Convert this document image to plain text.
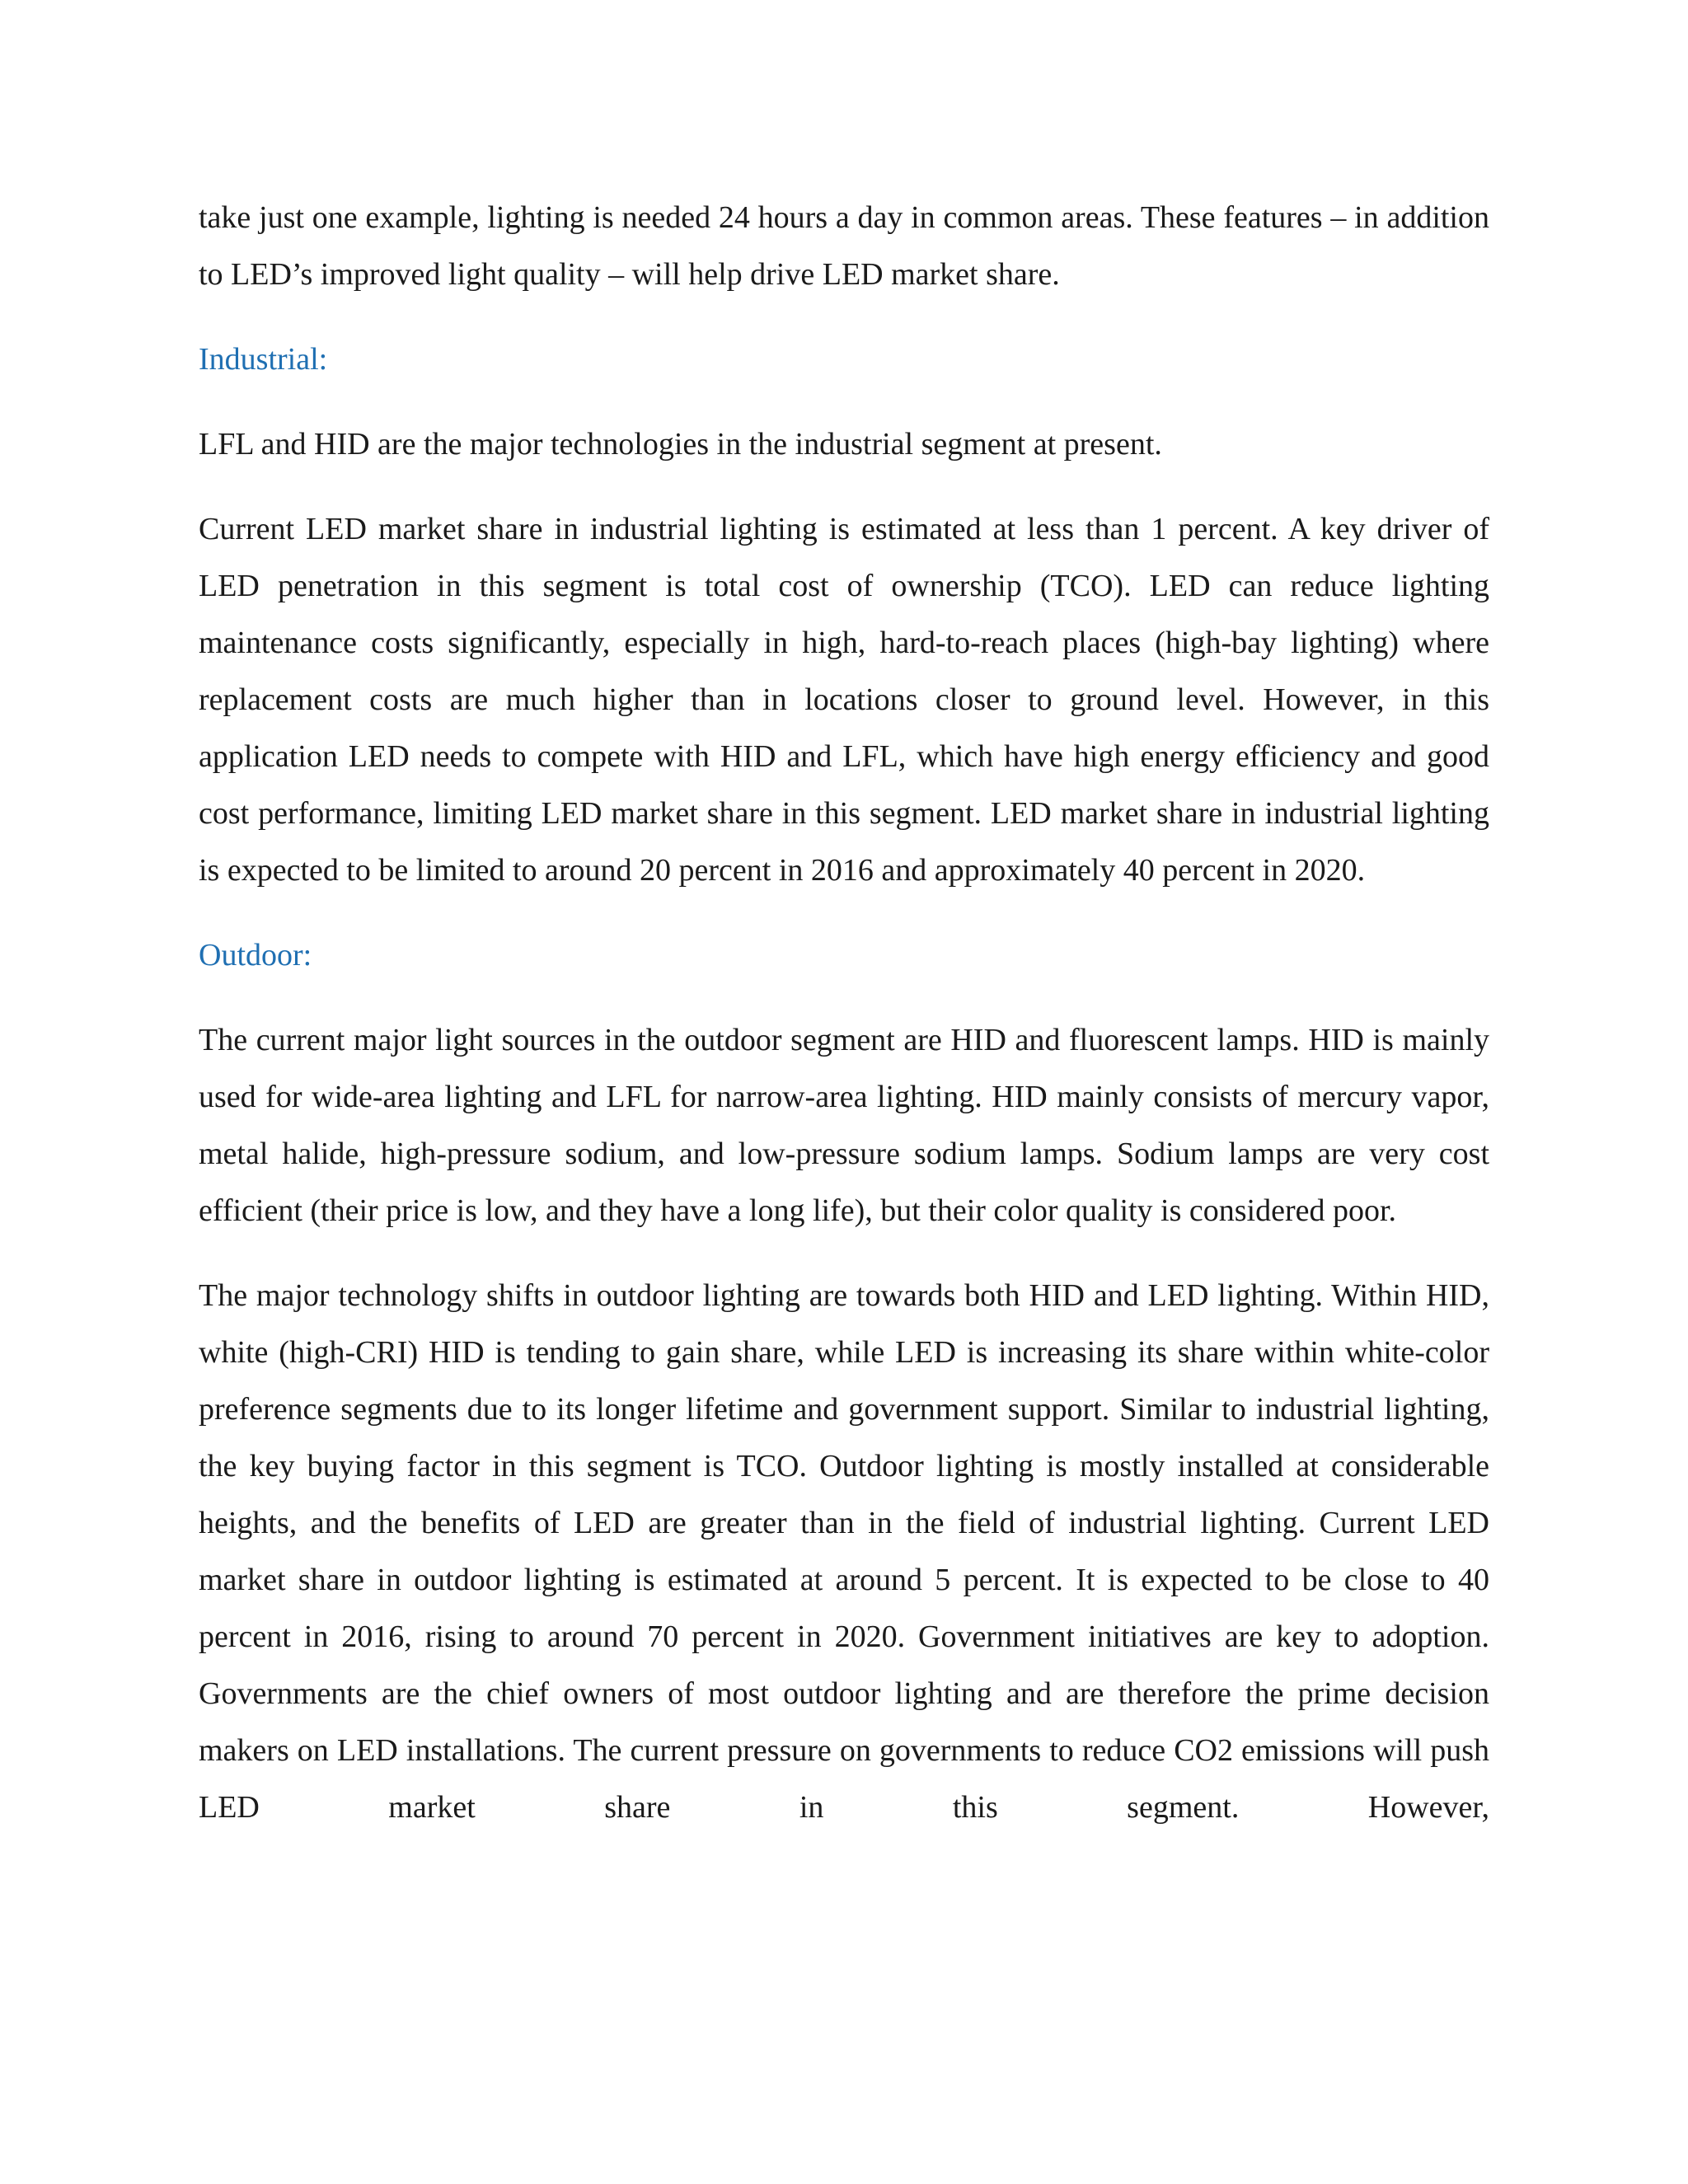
take just one example, lighting is needed 24 hours a day in common areas. These features – in addition to LED’s improved light quality – will help drive LED market share.

Industrial:

LFL and HID are the major technologies in the industrial segment at present.

Current LED market share in industrial lighting is estimated at less than 1 percent. A key driver of LED penetration in this segment is total cost of ownership (TCO). LED can reduce lighting maintenance costs significantly, especially in high, hard-to-reach places (high-bay lighting) where replacement costs are much higher than in locations closer to ground level. However, in this application LED needs to compete with HID and LFL, which have high energy efficiency and good cost performance, limiting LED market share in this segment. LED market share in industrial lighting is expected to be limited to around 20 percent in 2016 and approximately 40 percent in 2020.

Outdoor:

The current major light sources in the outdoor segment are HID and fluorescent lamps. HID is mainly used for wide-area lighting and LFL for narrow-area lighting. HID mainly consists of mercury vapor, metal halide, high-pressure sodium, and low-pressure sodium lamps. Sodium lamps are very cost efficient (their price is low, and they have a long life), but their color quality is considered poor.

The major technology shifts in outdoor lighting are towards both HID and LED lighting. Within HID, white (high-CRI) HID is tending to gain share, while LED is increasing its share within white-color preference segments due to its longer lifetime and government support. Similar to industrial lighting, the key buying factor in this segment is TCO. Outdoor lighting is mostly installed at considerable heights, and the benefits of LED are greater than in the field of industrial lighting. Current LED market share in outdoor lighting is estimated at around 5 percent. It is expected to be close to 40 percent in 2016, rising to around 70 percent in 2020. Government initiatives are key to adoption. Governments are the chief owners of most outdoor lighting and are therefore the prime decision makers on LED installations. The current pressure on governments to reduce CO2 emissions will push LED market share in this segment. However,
